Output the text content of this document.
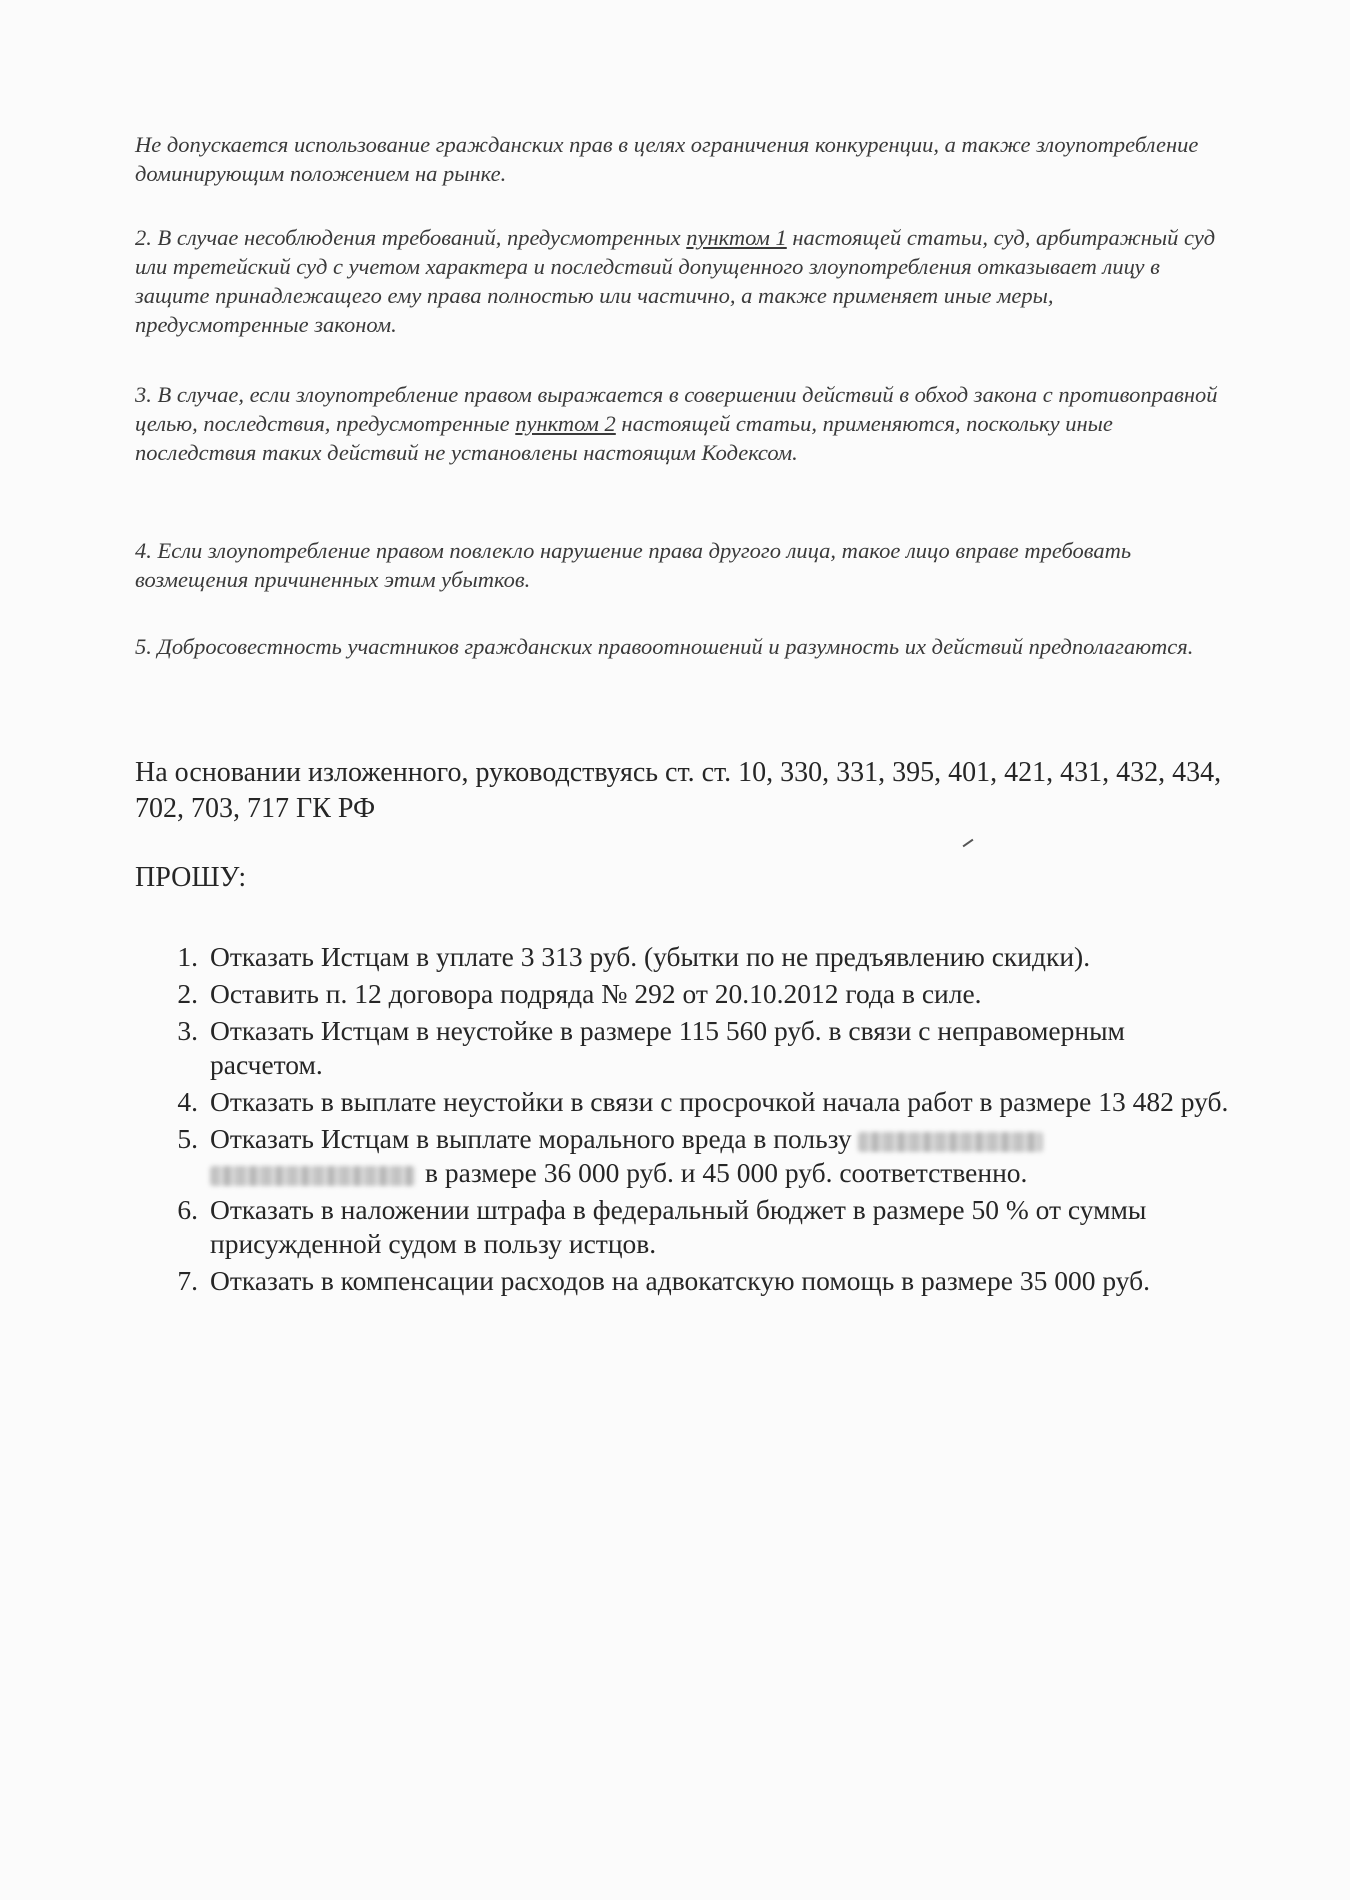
Не допускается использование гражданских прав в целях ограничения конкуренции, а также злоупотребление доминирующим положением на рынке.

2. В случае несоблюдения требований, предусмотренных пунктом 1 настоящей статьи, суд, арбитражный суд или третейский суд с учетом характера и последствий допущенного злоупотребления отказывает лицу в защите принадлежащего ему права полностью или частично, а также применяет иные меры, предусмотренные законом.

3. В случае, если злоупотребление правом выражается в совершении действий в обход закона с противоправной целью, последствия, предусмотренные пунктом 2 настоящей статьи, применяются, поскольку иные последствия таких действий не установлены настоящим Кодексом.

4. Если злоупотребление правом повлекло нарушение права другого лица, такое лицо вправе требовать возмещения причиненных этим убытков.

5. Добросовестность участников гражданских правоотношений и разумность их действий предполагаются.

На основании изложенного, руководствуясь ст. ст. 10, 330, 331, 395, 401, 421, 431, 432, 434, 702, 703, 717 ГК РФ

ПРОШУ:

1. Отказать Истцам в уплате 3 313 руб. (убытки по не предъявлению скидки).
2. Оставить п. 12 договора подряда № 292 от 20.10.2012 года в силе.
3. Отказать Истцам в неустойке в размере 115 560 руб. в связи с неправомерным расчетом.
4. Отказать в выплате неустойки в связи с просрочкой начала работ в размере 13 482 руб.
5. Отказать Истцам в выплате морального вреда в пользу
в размере 36 000 руб. и 45 000 руб. соответственно.
6. Отказать в наложении штрафа в федеральный бюджет в размере 50 % от суммы присужденной судом в пользу истцов.
7. Отказать в компенсации расходов на адвокатскую помощь в размере 35 000 руб.
